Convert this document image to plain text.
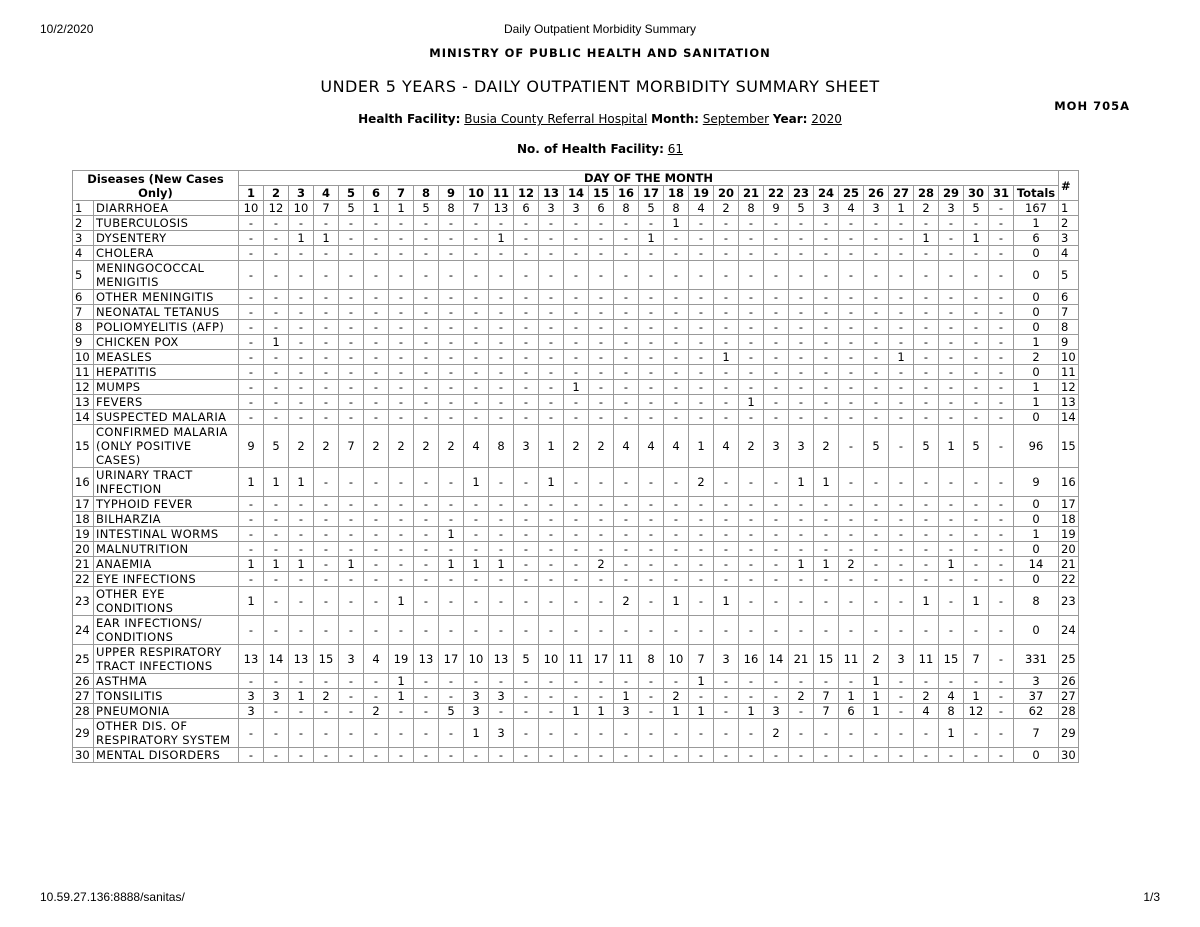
10/2/2020	Daily Outpatient Morbidity Summary
MINISTRY OF PUBLIC HEALTH AND SANITATION
UNDER 5 YEARS - DAILY OUTPATIENT MORBIDITY SUMMARY SHEET
MOH 705A
Health Facility: Busia County Referral Hospital Month: September Year: 2020
No. of Health Facility: 61
Diseases (New Cases Only)		DAY OF THE MONTH																																#
		1	2	3	4	5	6	7	8	9	10	11	12	13	14	15	16	17	18	19	20	21	22	23	24	25	26	27	28	29	30	31	Totals	
1	DIARRHOEA	10	12	10	7	5	1	1	5	8	7	13	6	3	3	6	8	5	8	4	2	8	9	5	3	4	3	1	2	3	5	-	167	1
2	TUBERCULOSIS	-	-	-	-	-	-	-	-	-	-	-	-	-	-	-	-	-	1	-	-	-	-	-	-	-	-	-	-	-	-	-	1	2
3	DYSENTERY	-	-	1	1	-	-	-	-	-	-	1	-	-	-	-	-	1	-	-	-	-	-	-	-	-	-	-	1	-	1	-	6	3
4	CHOLERA	-	-	-	-	-	-	-	-	-	-	-	-	-	-	-	-	-	-	-	-	-	-	-	-	-	-	-	-	-	-	-	0	4
5	MENINGOCOCCAL MENIGITIS	-	-	-	-	-	-	-	-	-	-	-	-	-	-	-	-	-	-	-	-	-	-	-	-	-	-	-	-	-	-	-	0	5
6	OTHER MENINGITIS	-	-	-	-	-	-	-	-	-	-	-	-	-	-	-	-	-	-	-	-	-	-	-	-	-	-	-	-	-	-	-	0	6
7	NEONATAL TETANUS	-	-	-	-	-	-	-	-	-	-	-	-	-	-	-	-	-	-	-	-	-	-	-	-	-	-	-	-	-	-	-	0	7
8	POLIOMYELITIS (AFP)	-	-	-	-	-	-	-	-	-	-	-	-	-	-	-	-	-	-	-	-	-	-	-	-	-	-	-	-	-	-	-	0	8
9	CHICKEN POX	-	1	-	-	-	-	-	-	-	-	-	-	-	-	-	-	-	-	-	-	-	-	-	-	-	-	-	-	-	-	-	1	9
10	MEASLES	-	-	-	-	-	-	-	-	-	-	-	-	-	-	-	-	-	-	-	1	-	-	-	-	-	-	1	-	-	-	-	2	10
11	HEPATITIS	-	-	-	-	-	-	-	-	-	-	-	-	-	-	-	-	-	-	-	-	-	-	-	-	-	-	-	-	-	-	-	0	11
12	MUMPS	-	-	-	-	-	-	-	-	-	-	-	-	-	1	-	-	-	-	-	-	-	-	-	-	-	-	-	-	-	-	-	1	12
13	FEVERS	-	-	-	-	-	-	-	-	-	-	-	-	-	-	-	-	-	-	-	-	1	-	-	-	-	-	-	-	-	-	-	1	13
14	SUSPECTED MALARIA	-	-	-	-	-	-	-	-	-	-	-	-	-	-	-	-	-	-	-	-	-	-	-	-	-	-	-	-	-	-	-	0	14
15	CONFIRMED MALARIA (ONLY POSITIVE CASES)	9	5	2	2	7	2	2	2	2	4	8	3	1	2	2	4	4	4	1	4	2	3	3	2	-	5	-	5	1	5	-	96	15
16	URINARY TRACT INFECTION	1	1	1	-	-	-	-	-	-	1	-	-	1	-	-	-	-	-	2	-	-	-	1	1	-	-	-	-	-	-	-	9	16
17	TYPHOID FEVER	-	-	-	-	-	-	-	-	-	-	-	-	-	-	-	-	-	-	-	-	-	-	-	-	-	-	-	-	-	-	-	0	17
18	BILHARZIA	-	-	-	-	-	-	-	-	-	-	-	-	-	-	-	-	-	-	-	-	-	-	-	-	-	-	-	-	-	-	-	0	18
19	INTESTINAL WORMS	-	-	-	-	-	-	-	-	1	-	-	-	-	-	-	-	-	-	-	-	-	-	-	-	-	-	-	-	-	-	-	1	19
20	MALNUTRITION	-	-	-	-	-	-	-	-	-	-	-	-	-	-	-	-	-	-	-	-	-	-	-	-	-	-	-	-	-	-	-	0	20
21	ANAEMIA	1	1	1	-	1	-	-	-	1	1	1	-	-	-	2	-	-	-	-	-	-	-	1	1	2	-	-	-	1	-	-	14	21
22	EYE INFECTIONS	-	-	-	-	-	-	-	-	-	-	-	-	-	-	-	-	-	-	-	-	-	-	-	-	-	-	-	-	-	-	-	0	22
23	OTHER EYE CONDITIONS	1	-	-	-	-	-	1	-	-	-	-	-	-	-	-	2	-	1	-	1	-	-	-	-	-	-	-	1	-	1	-	8	23
24	EAR INFECTIONS/ CONDITIONS	-	-	-	-	-	-	-	-	-	-	-	-	-	-	-	-	-	-	-	-	-	-	-	-	-	-	-	-	-	-	-	0	24
25	UPPER RESPIRATORY TRACT INFECTIONS	13	14	13	15	3	4	19	13	17	10	13	5	10	11	17	11	8	10	7	3	16	14	21	15	11	2	3	11	15	7	-	331	25
26	ASTHMA	-	-	-	-	-	-	1	-	-	-	-	-	-	-	-	-	-	-	1	-	-	-	-	-	-	1	-	-	-	-	-	3	26
27	TONSILITIS	3	3	1	2	-	-	1	-	-	3	3	-	-	-	-	1	-	2	-	-	-	-	2	7	1	1	-	2	4	1	-	37	27
28	PNEUMONIA	3	-	-	-	-	2	-	-	5	3	-	-	-	1	1	3	-	1	1	-	1	3	-	7	6	1	-	4	8	12	-	62	28
29	OTHER DIS. OF RESPIRATORY SYSTEM	-	-	-	-	-	-	-	-	-	1	3	-	-	-	-	-	-	-	-	-	-	2	-	-	-	-	-	-	1	-	-	7	29
30	MENTAL DISORDERS	-	-	-	-	-	-	-	-	-	-	-	-	-	-	-	-	-	-	-	-	-	-	-	-	-	-	-	-	-	-	-	0	30
10.59.27.136:8888/sanitas/	1/3
